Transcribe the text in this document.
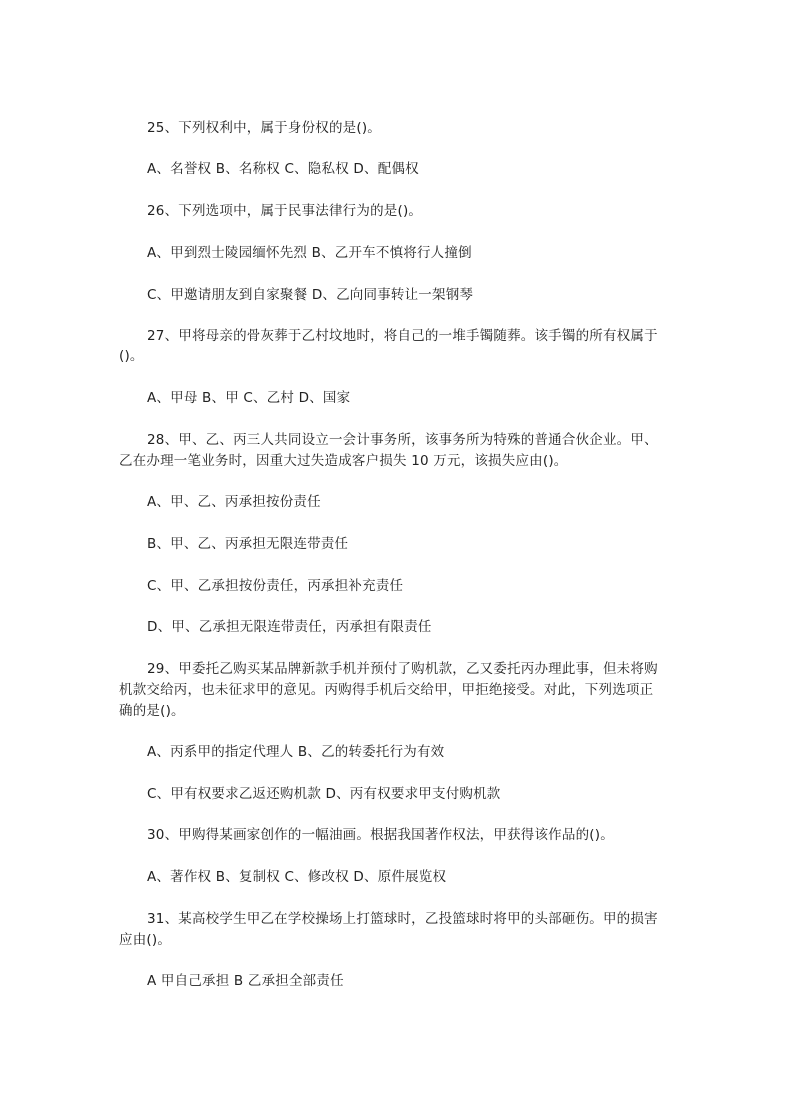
25、下列权利中，属于身份权的是()。
A、名誉权 B、名称权 C、隐私权 D、配偶权
26、下列选项中，属于民事法律行为的是()。
A、甲到烈士陵园缅怀先烈 B、乙开车不慎将行人撞倒
C、甲邀请朋友到自家聚餐 D、乙向同事转让一架钢琴
27、甲将母亲的骨灰葬于乙村坟地时，将自己的一堆手镯随葬。该手镯的所有权属于
()。
A、甲母 B、甲 C、乙村 D、国家
28、甲、乙、丙三人共同设立一会计事务所，该事务所为特殊的普通合伙企业。甲、
乙在办理一笔业务时，因重大过失造成客户损失 10 万元，该损失应由()。
A、甲、乙、丙承担按份责任
B、甲、乙、丙承担无限连带责任
C、甲、乙承担按份责任，丙承担补充责任
D、甲、乙承担无限连带责任，丙承担有限责任
29、甲委托乙购买某品牌新款手机并预付了购机款，乙又委托丙办理此事，但未将购
机款交给丙，也未征求甲的意见。丙购得手机后交给甲，甲拒绝接受。对此，下列选项正
确的是()。
A、丙系甲的指定代理人 B、乙的转委托行为有效
C、甲有权要求乙返还购机款 D、丙有权要求甲支付购机款
30、甲购得某画家创作的一幅油画。根据我国著作权法，甲获得该作品的()。
A、著作权 B、复制权 C、修改权 D、原件展览权
31、某高校学生甲乙在学校操场上打篮球时，乙投篮球时将甲的头部砸伤。甲的损害
应由()。
A 甲自己承担 B 乙承担全部责任
